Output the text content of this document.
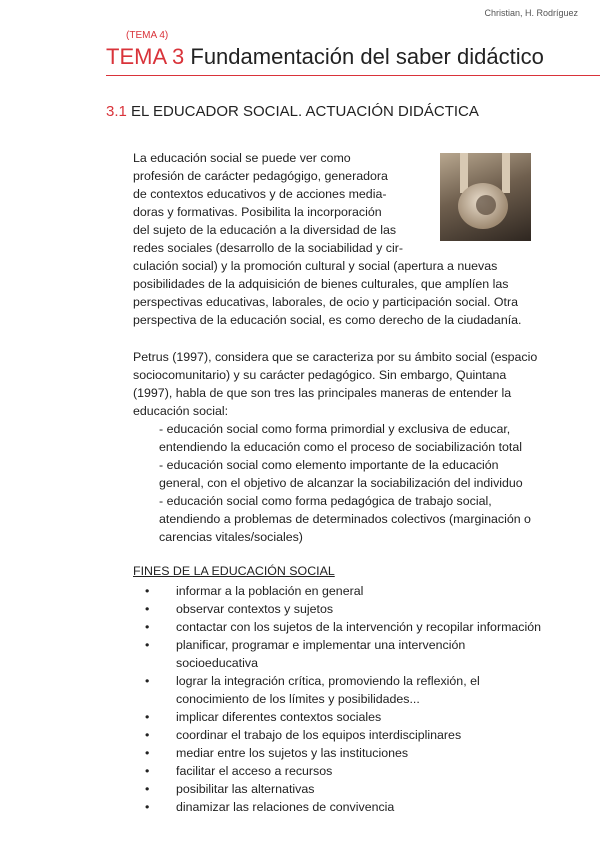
Christian, H. Rodríguez
(TEMA 4)
TEMA 3 Fundamentación del saber didáctico
3.1 EL EDUCADOR SOCIAL. ACTUACIÓN DIDÁCTICA
La educación social se puede ver como
profesión de carácter pedagógigo, generadora
de contextos educativos y de acciones media-
doras y formativas. Posibilita la incorporación
del sujeto de la educación a la diversidad de las
redes sociales (desarrollo de la sociabilidad y cir-
culación social) y la promoción cultural y social (apertura a nuevas
posibilidades de la adquisición de bienes culturales, que amplíen las
perspectivas educativas, laborales, de ocio y participación social. Otra
perspectiva de la educación social, es como derecho de la ciudadanía.
Petrus (1997), considera que se caracteriza por su ámbito social (espacio
sociocomunitario) y su carácter pedagógico. Sin embargo, Quintana
(1997), habla de que son tres las principales maneras de entender la
educación social:
- educación social como forma primordial y exclusiva de educar,
entendiendo la educación como el proceso de sociabilización total
- educación social como elemento importante de la educación
general, con el objetivo de alcanzar la sociabilización del individuo
- educación social como forma pedagógica de trabajo social,
atendiendo a problemas de determinados colectivos (marginación o
carencias vitales/sociales)
FINES DE LA EDUCACIÓN SOCIAL
• informar a la población en general
• observar contextos y sujetos
• contactar con los sujetos de la intervención y recopilar información
• planificar, programar e implementar una intervención
socioeducativa
• lograr la integración crítica, promoviendo la reflexión, el
conocimiento de los límites y posibilidades...
• implicar diferentes contextos sociales
• coordinar el trabajo de los equipos interdisciplinares
• mediar entre los sujetos y las instituciones
• facilitar el acceso a recursos
• posibilitar las alternativas
• dinamizar las relaciones de convivencia
